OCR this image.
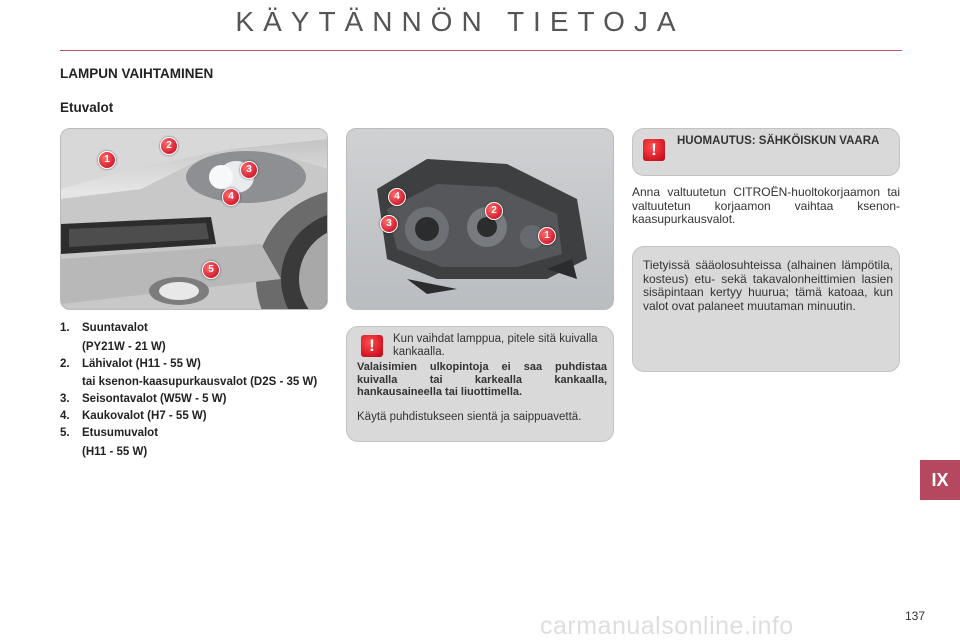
KÄYTÄNNÖN TIETOJA
LAMPUN VAIHTAMINEN
Etuvalot
1
2
3
4
5
1
2
3
4
1.	Suuntavalot
(PY21W - 21 W)
2.	Lähivalot (H11 - 55 W)
tai ksenon-kaasupurkausvalot (D2S - 35 W)
3.	Seisontavalot (W5W - 5 W)
4.	Kaukovalot (H7 - 55 W)
5.	Etusumuvalot
(H11 - 55 W)
!	Kun vaihdat lamppua, pitele sitä kuivalla kankaalla.
Valaisimien ulkopintoja ei saa puhdistaa kuivalla tai karkealla kankaalla, hankausaineella tai liuottimella.
Käytä puhdistukseen sientä ja saippuavettä.
!	HUOMAUTUS: SÄHKÖISKUN VAARA
Anna valtuutetun CITROËN-huoltokorjaamon tai valtuutetun korjaamon vaihtaa ksenon-kaasupurkausvalot.
Tietyissä sääolosuhteissa (alhainen lämpötila, kosteus) etu- sekä takavalonheittimien lasien sisäpintaan kertyy huurua; tämä katoaa, kun valot ovat palaneet muutaman minuutin.
IX
carmanualsonline.info	137
